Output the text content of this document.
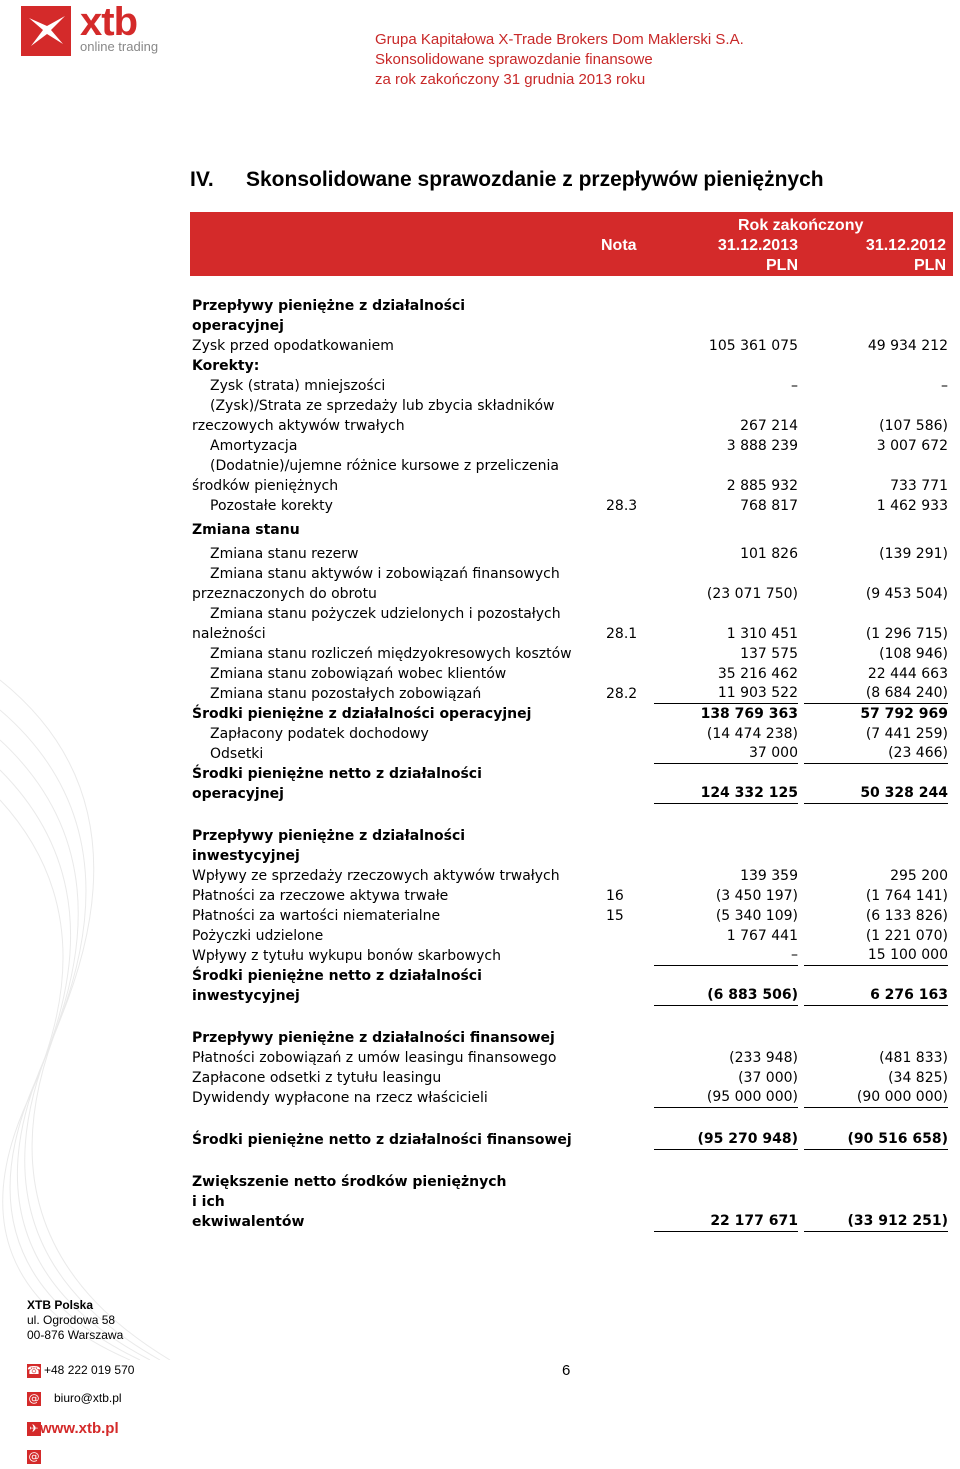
xtb
online trading	Grupa Kapitałowa X-Trade Brokers Dom Maklerski S.A.
Skonsolidowane sprawozdanie finansowe
za rok zakończony 31 grudnia 2013 roku
IV. Skonsolidowane sprawozdanie z przepływów pieniężnych
Rok zakończony
Nota	31.12.2013	31.12.2012
PLN	PLN
Przepływy pieniężne z działalności operacyjnej
Zysk przed opodatkowaniem	105 361 075	49 934 212
Korekty:
Zysk (strata) mniejszości	–	–
(Zysk)/Strata ze sprzedaży lub zbycia składników
rzeczowych aktywów trwałych	267 214	(107 586)
Amortyzacja	3 888 239	3 007 672
(Dodatnie)/ujemne różnice kursowe z przeliczenia
środków pieniężnych	2 885 932	733 771
Pozostałe korekty	28.3	768 817	1 462 933
Zmiana stanu
Zmiana stanu rezerw	101 826	(139 291)
Zmiana stanu aktywów i zobowiązań finansowych
przeznaczonych do obrotu	(23 071 750)	(9 453 504)
Zmiana stanu pożyczek udzielonych i pozostałych
należności	28.1	1 310 451	(1 296 715)
Zmiana stanu rozliczeń międzyokresowych kosztów	137 575	(108 946)
Zmiana stanu zobowiązań wobec klientów	35 216 462	22 444 663
Zmiana stanu pozostałych zobowiązań	28.2	11 903 522	(8 684 240)
Środki pieniężne z działalności operacyjnej	138 769 363	57 792 969
Zapłacony podatek dochodowy	(14 474 238)	(7 441 259)
Odsetki	37 000	(23 466)
Środki pieniężne netto z działalności
operacyjnej	124 332 125	50 328 244
Przepływy pieniężne z działalności
inwestycyjnej
Wpływy ze sprzedaży rzeczowych aktywów trwałych	139 359	295 200
Płatności za rzeczowe aktywa trwałe	16	(3 450 197)	(1 764 141)
Płatności za wartości niematerialne	15	(5 340 109)	(6 133 826)
Pożyczki udzielone	1 767 441	(1 221 070)
Wpływy z tytułu wykupu bonów skarbowych	–	15 100 000
Środki pieniężne netto z działalności
inwestycyjnej	(6 883 506)	6 276 163
Przepływy pieniężne z działalności finansowej
Płatności zobowiązań z umów leasingu finansowego	(233 948)	(481 833)
Zapłacone odsetki z tytułu leasingu	(37 000)	(34 825)
Dywidendy wypłacone na rzecz właścicieli	(95 000 000)	(90 000 000)
Środki pieniężne netto z działalności finansowej	(95 270 948)	(90 516 658)
Zwiększenie netto środków pieniężnych i ich
ekwiwalentów	22 177 671	(33 912 251)
XTB Polska
ul. Ogrodowa 58
00-876 Warszawa
☎ +48 222 019 570
@ biuro@xtb.pl
✈ www.xtb.pl
@
6
